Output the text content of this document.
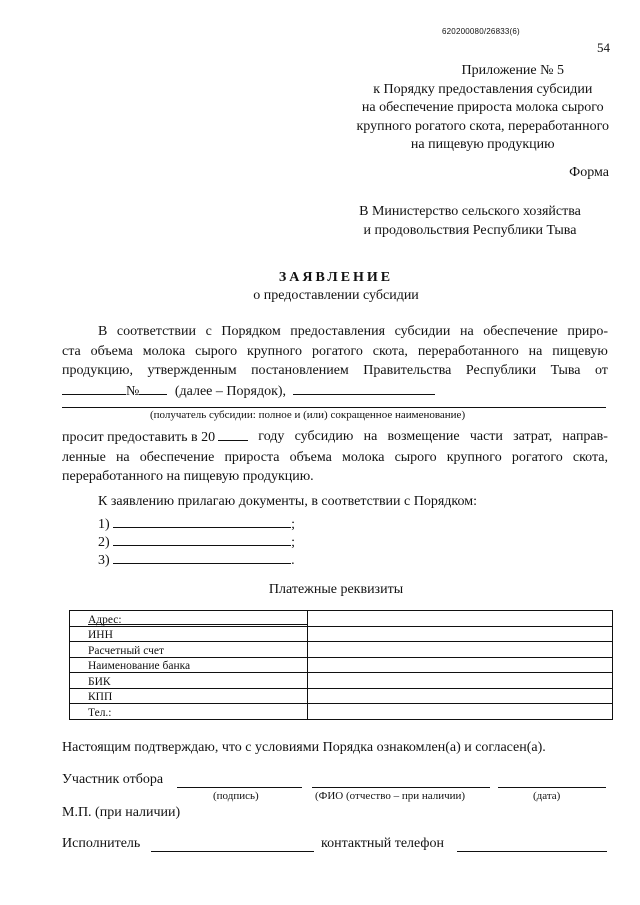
620200080/26833(6)
54
Приложение № 5
к Порядку предоставления субсидии
на обеспечение прироста молока сырого
крупного рогатого скота, переработанного
на пищевую продукцию
Форма
В Министерство сельского хозяйства
и продовольствия Республики Тыва
ЗАЯВЛЕНИЕ
о предоставлении субсидии
В соответствии с Порядком предоставления субсидии на обеспечение приро-
ста объема молока сырого крупного рогатого скота, переработанного на пищевую
продукцию, утвержденным постановлением Правительства Республики Тыва от
№	(далее – Порядок),
(получатель субсидии: полное и (или) сокращенное наименование)
просит предоставить в 20	году субсидию на возмещение части затрат, направ-
ленные на обеспечение прироста объема молока сырого крупного рогатого скота,
переработанного на пищевую продукцию.
К заявлению прилагаю документы, в соответствии с Порядком:
1)	;
2)	;
3)	.
Платежные реквизиты
Адрес:

ИНН	
Расчетный счет	
Наименование банка	
БИК	
КПП	
Тел.:	
Настоящим подтверждаю, что с условиями Порядка ознакомлен(а) и согласен(а).
Участник отбора
(подпись)	(ФИО (отчество – при наличии)	(дата)
М.П. (при наличии)
Исполнитель	контактный телефон
